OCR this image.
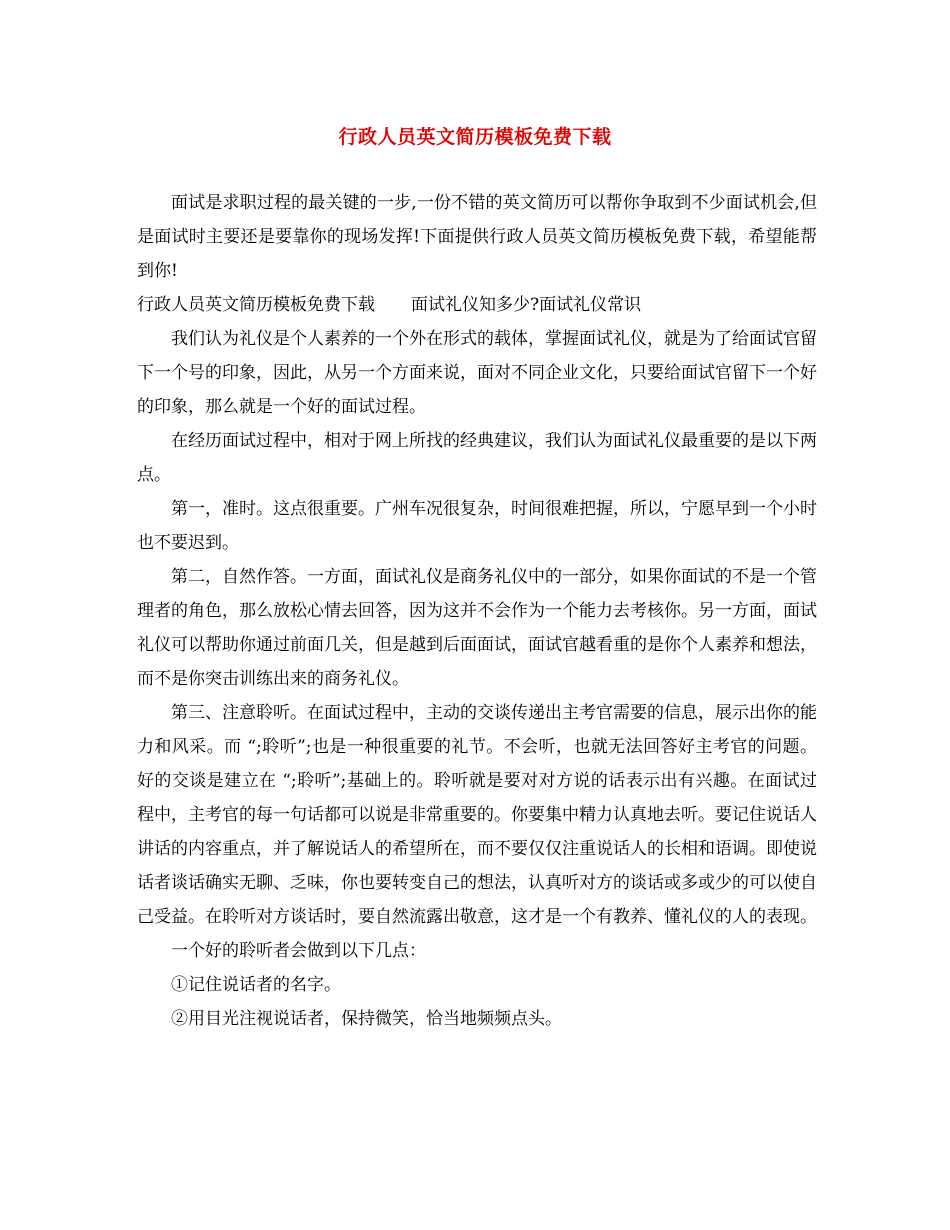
行政人员英文简历模板免费下载

面试是求职过程的最关键的一步,一份不错的英文简历可以帮你争取到不少面试机会,但是面试时主要还是要靠你的现场发挥!下面提供行政人员英文简历模板免费下载，希望能帮到你!

行政人员英文简历模板免费下载 面试礼仪知多少?面试礼仪常识

我们认为礼仪是个人素养的一个外在形式的载体，掌握面试礼仪，就是为了给面试官留下一个号的印象，因此，从另一个方面来说，面对不同企业文化，只要给面试官留下一个好的印象，那么就是一个好的面试过程。

在经历面试过程中，相对于网上所找的经典建议，我们认为面试礼仪最重要的是以下两点。

第一，准时。这点很重要。广州车况很复杂，时间很难把握，所以，宁愿早到一个小时也不要迟到。

第二，自然作答。一方面，面试礼仪是商务礼仪中的一部分，如果你面试的不是一个管理者的角色，那么放松心情去回答，因为这并不会作为一个能力去考核你。另一方面，面试礼仪可以帮助你通过前面几关，但是越到后面面试，面试官越看重的是你个人素养和想法，而不是你突击训练出来的商务礼仪。

第三、注意聆听。在面试过程中，主动的交谈传递出主考官需要的信息，展示出你的能力和风采。而 “;聆听”;也是一种很重要的礼节。不会听，也就无法回答好主考官的问题。好的交谈是建立在 “;聆听”;基础上的。聆听就是要对对方说的话表示出有兴趣。在面试过程中，主考官的每一句话都可以说是非常重要的。你要集中精力认真地去听。要记住说话人讲话的内容重点，并了解说话人的希望所在，而不要仅仅注重说话人的长相和语调。即使说话者谈话确实无聊、乏味，你也要转变自己的想法，认真听对方的谈话或多或少的可以使自己受益。在聆听对方谈话时，要自然流露出敬意，这才是一个有教养、懂礼仪的人的表现。

一个好的聆听者会做到以下几点：

①记住说话者的名字。

②用目光注视说话者，保持微笑，恰当地频频点头。
